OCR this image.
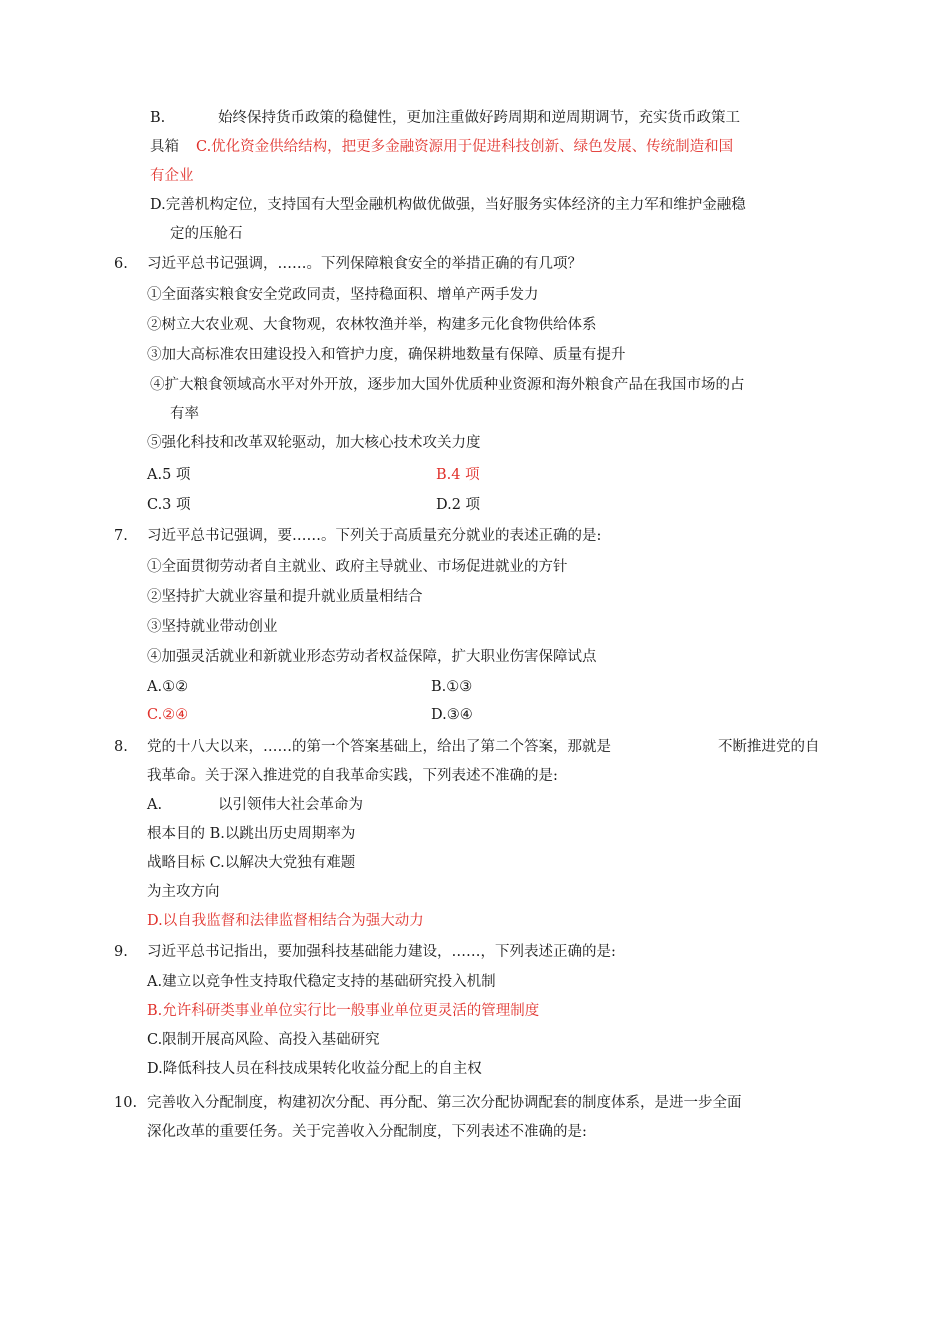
B.	始终保持货币政策的稳健性，更加注重做好跨周期和逆周期调节，充实货币政策工
具箱 C.优化资金供给结构，把更多金融资源用于促进科技创新、绿色发展、传统制造和国
有企业
D.完善机构定位，支持国有大型金融机构做优做强，当好服务实体经济的主力军和维护金融稳
定的压舱石
6. 习近平总书记强调，……。下列保障粮食安全的举措正确的有几项？
①全面落实粮食安全党政同责，坚持稳面积、增单产两手发力
②树立大农业观、大食物观，农林牧渔并举，构建多元化食物供给体系
③加大高标准农田建设投入和管护力度，确保耕地数量有保障、质量有提升
④扩大粮食领域高水平对外开放，逐步加大国外优质种业资源和海外粮食产品在我国市场的占
有率
⑤强化科技和改革双轮驱动，加大核心技术攻关力度
A.5 项	B.4 项
C.3 项	D.2 项
7. 习近平总书记强调，要……。下列关于高质量充分就业的表述正确的是:
①全面贯彻劳动者自主就业、政府主导就业、市场促进就业的方针
②坚持扩大就业容量和提升就业质量相结合
③坚持就业带动创业
④加强灵活就业和新就业形态劳动者权益保障，扩大职业伤害保障试点
A.①②	B.①③
C.②④	D.③④
8. 党的十八大以来，……的第一个答案基础上，给出了第二个答案，那就是	不断推进党的自
我革命。关于深入推进党的自我革命实践，下列表述不准确的是:
A.	以引领伟大社会革命为
根本目的 B.以跳出历史周期率为
战略目标 C.以解决大党独有难题
为主攻方向
D.以自我监督和法律监督相结合为强大动力
9. 习近平总书记指出，要加强科技基础能力建设，……，下列表述正确的是:
A.建立以竞争性支持取代稳定支持的基础研究投入机制
B.允许科研类事业单位实行比一般事业单位更灵活的管理制度
C.限制开展高风险、高投入基础研究
D.降低科技人员在科技成果转化收益分配上的自主权
10. 完善收入分配制度，构建初次分配、再分配、第三次分配协调配套的制度体系，是进一步全面
深化改革的重要任务。关于完善收入分配制度，下列表述不准确的是:
